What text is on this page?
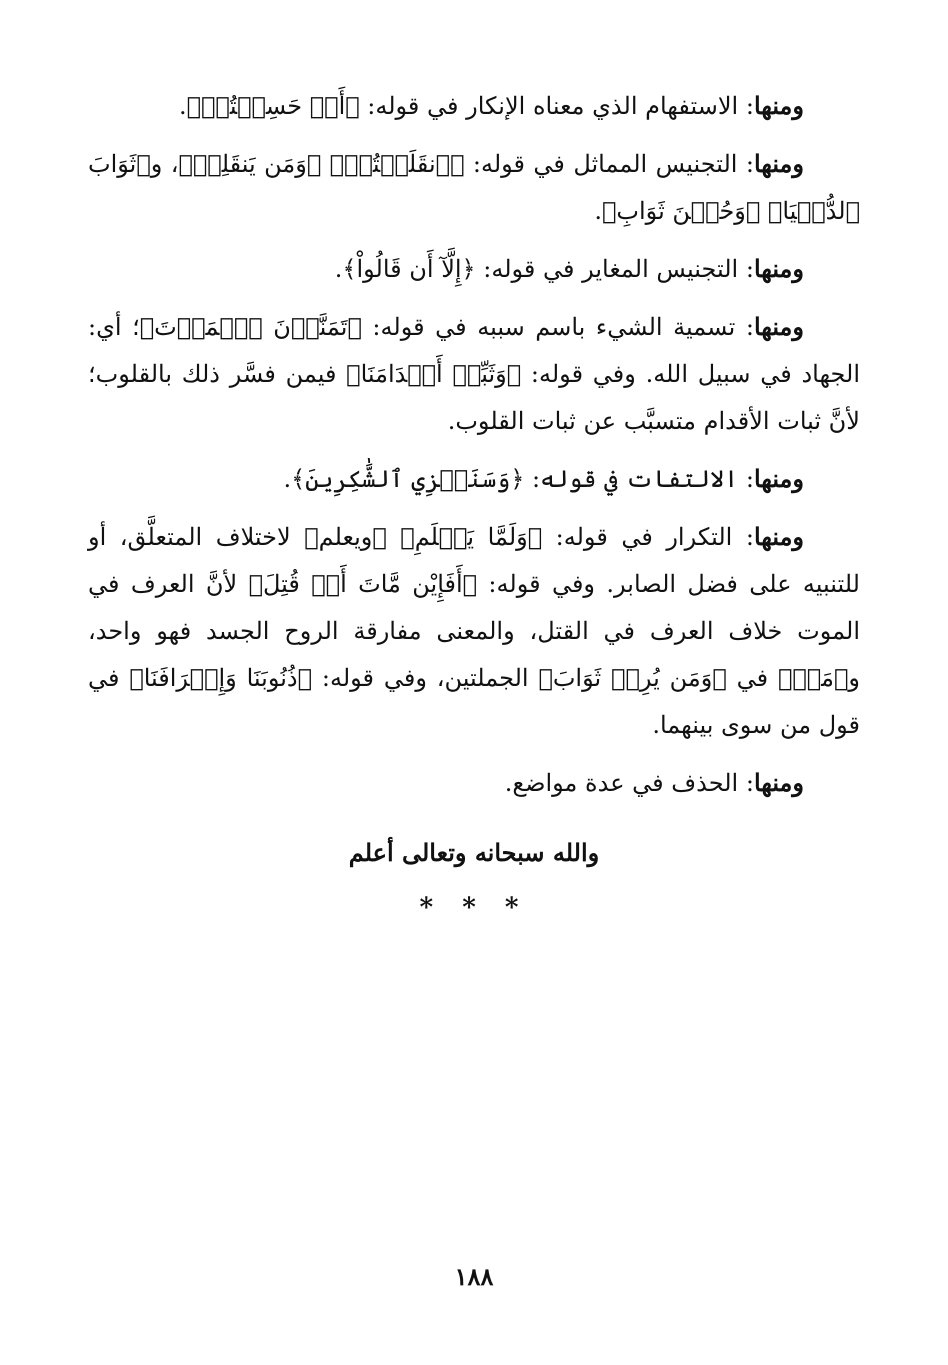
ومنها: الاستفهام الذي معناه الإنكار في قوله: ﴿أَمۡ حَسِبۡتُمۡ﴾.

ومنها: التجنيس المماثل في قوله: ﴿ٱنقَلَبۡتُمۡ﴾ ﴿وَمَن يَنقَلِبۡ﴾، و﴿ثَوَابَ ٱلدُّنۡيَا﴾ ﴿وَحُسۡنَ ثَوَابِ﴾.

ومنها: التجنيس المغاير في قوله: ﴿إِلَّآ أَن قَالُواْ﴾.

ومنها: تسمية الشيء باسم سببه في قوله: ﴿تَمَنَّوۡنَ ٱلۡمَوۡتَ﴾؛ أي: الجهاد في سبيل الله. وفي قوله: ﴿وَثَبِّتۡ أَقۡدَامَنَا﴾ فيمن فسَّر ذلك بالقلوب؛ لأنَّ ثبات الأقدام متسبَّب عن ثبات القلوب.

ومنها: الالتفات في قوله: ﴿وَسَنَجۡزِي ٱلشَّٰكِرِينَ﴾.

ومنها: التكرار في قوله: ﴿وَلَمَّا يَعۡلَمِ﴾ ﴿ويعلم﴾ لاختلاف المتعلَّق، أو للتنبيه على فضل الصابر. وفي قوله: ﴿أَفَإِيْن مَّاتَ أَوۡ قُتِلَ﴾ لأنَّ العرف في الموت خلاف العرف في القتل، والمعنى مفارقة الروح الجسد فهو واحد، و﴿مَنۡ﴾ في ﴿وَمَن يُرِدۡ ثَوَابَ﴾ الجملتين، وفي قوله: ﴿ذُنُوبَنَا وَإِسۡرَافَنَا﴾ في قول من سوى بينهما.

ومنها: الحذف في عدة مواضع.

والله سبحانه وتعالى أعلم
* * *
١٨٨
